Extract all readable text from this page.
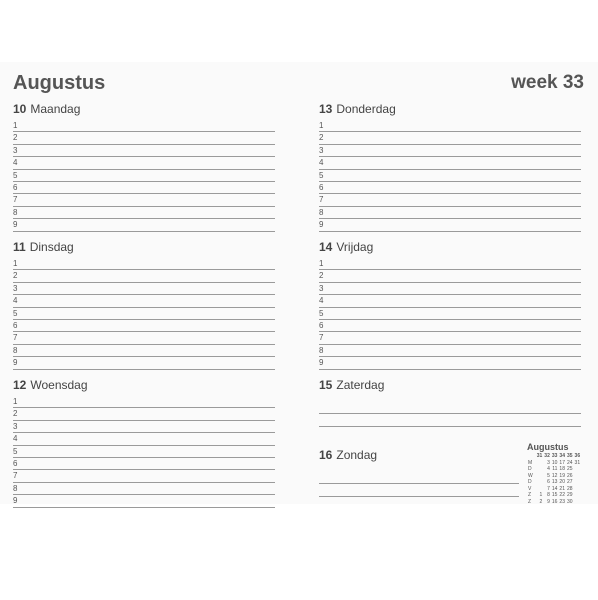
Augustus	week 33
10 Maandag
1
2
3
4
5
6
7
8
9
11 Dinsdag
1
2
3
4
5
6
7
8
9
12 Woensdag
1
2
3
4
5
6
7
8
9
13 Donderdag
1
2
3
4
5
6
7
8
9
14 Vrijdag
1
2
3
4
5
6
7
8
9
15 Zaterdag
16 Zondag
Augustus
	31	32	33	34	35	36
M		3	10	17	24	31
D		4	11	18	25	
W		5	12	19	26	
D		6	13	20	27	
V		7	14	21	28	
Z	1	8	15	22	29	
Z	2	9	16	23	30	
